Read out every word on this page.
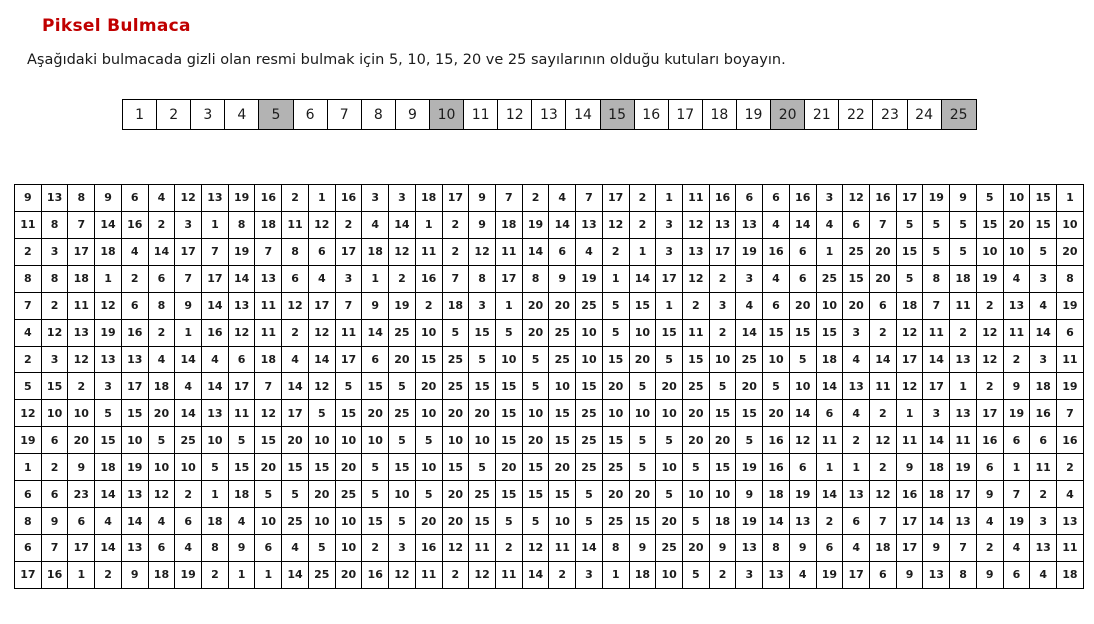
Piksel Bulmaca
Aşağıdaki bulmacada gizli olan resmi bulmak için 5, 10, 15, 20 ve 25 sayılarının olduğu kutuları boyayın.
1	2	3	4	5	6	7	8	9	10	11	12	13	14	15	16	17	18	19	20	21	22	23	24	25
9	13	8	9	6	4	12	13	19	16	2	1	16	3	3	18	17	9	7	2	4	7	17	2	1	11	16	6	6	16	3	12	16	17	19	9	5	10	15	1
11	8	7	14	16	2	3	1	8	18	11	12	2	4	14	1	2	9	18	19	14	13	12	2	3	12	13	13	4	14	4	6	7	5	5	5	15	20	15	10
2	3	17	18	4	14	17	7	19	7	8	6	17	18	12	11	2	12	11	14	6	4	2	1	3	13	17	19	16	6	1	25	20	15	5	5	10	10	5	20
8	8	18	1	2	6	7	17	14	13	6	4	3	1	2	16	7	8	17	8	9	19	1	14	17	12	2	3	4	6	25	15	20	5	8	18	19	4	3	8
7	2	11	12	6	8	9	14	13	11	12	17	7	9	19	2	18	3	1	20	20	25	5	15	1	2	3	4	6	20	10	20	6	18	7	11	2	13	4	19
4	12	13	19	16	2	1	16	12	11	2	12	11	14	25	10	5	15	5	20	25	10	5	10	15	11	2	14	15	15	15	3	2	12	11	2	12	11	14	6
2	3	12	13	13	4	14	4	6	18	4	14	17	6	20	15	25	5	10	5	25	10	15	20	5	15	10	25	10	5	18	4	14	17	14	13	12	2	3	11
5	15	2	3	17	18	4	14	17	7	14	12	5	15	5	20	25	15	15	5	10	15	20	5	20	25	5	20	5	10	14	13	11	12	17	1	2	9	18	19
12	10	10	5	15	20	14	13	11	12	17	5	15	20	25	10	20	20	15	10	15	25	10	10	10	20	15	15	20	14	6	4	2	1	3	13	17	19	16	7
19	6	20	15	10	5	25	10	5	15	20	10	10	10	5	5	10	10	15	20	15	25	15	5	5	20	20	5	16	12	11	2	12	11	14	11	16	6	6	16
1	2	9	18	19	10	10	5	15	20	15	15	20	5	15	10	15	5	20	15	20	25	25	5	10	5	15	19	16	6	1	1	2	9	18	19	6	1	11	2
6	6	23	14	13	12	2	1	18	5	5	20	25	5	10	5	20	25	15	15	15	5	20	20	5	10	10	9	18	19	14	13	12	16	18	17	9	7	2	4
8	9	6	4	14	4	6	18	4	10	25	10	10	15	5	20	20	15	5	5	10	5	25	15	20	5	18	19	14	13	2	6	7	17	14	13	4	19	3	13
6	7	17	14	13	6	4	8	9	6	4	5	10	2	3	16	12	11	2	12	11	14	8	9	25	20	9	13	8	9	6	4	18	17	9	7	2	4	13	11
17	16	1	2	9	18	19	2	1	1	14	25	20	16	12	11	2	12	11	14	2	3	1	18	10	5	2	3	13	4	19	17	6	9	13	8	9	6	4	18
